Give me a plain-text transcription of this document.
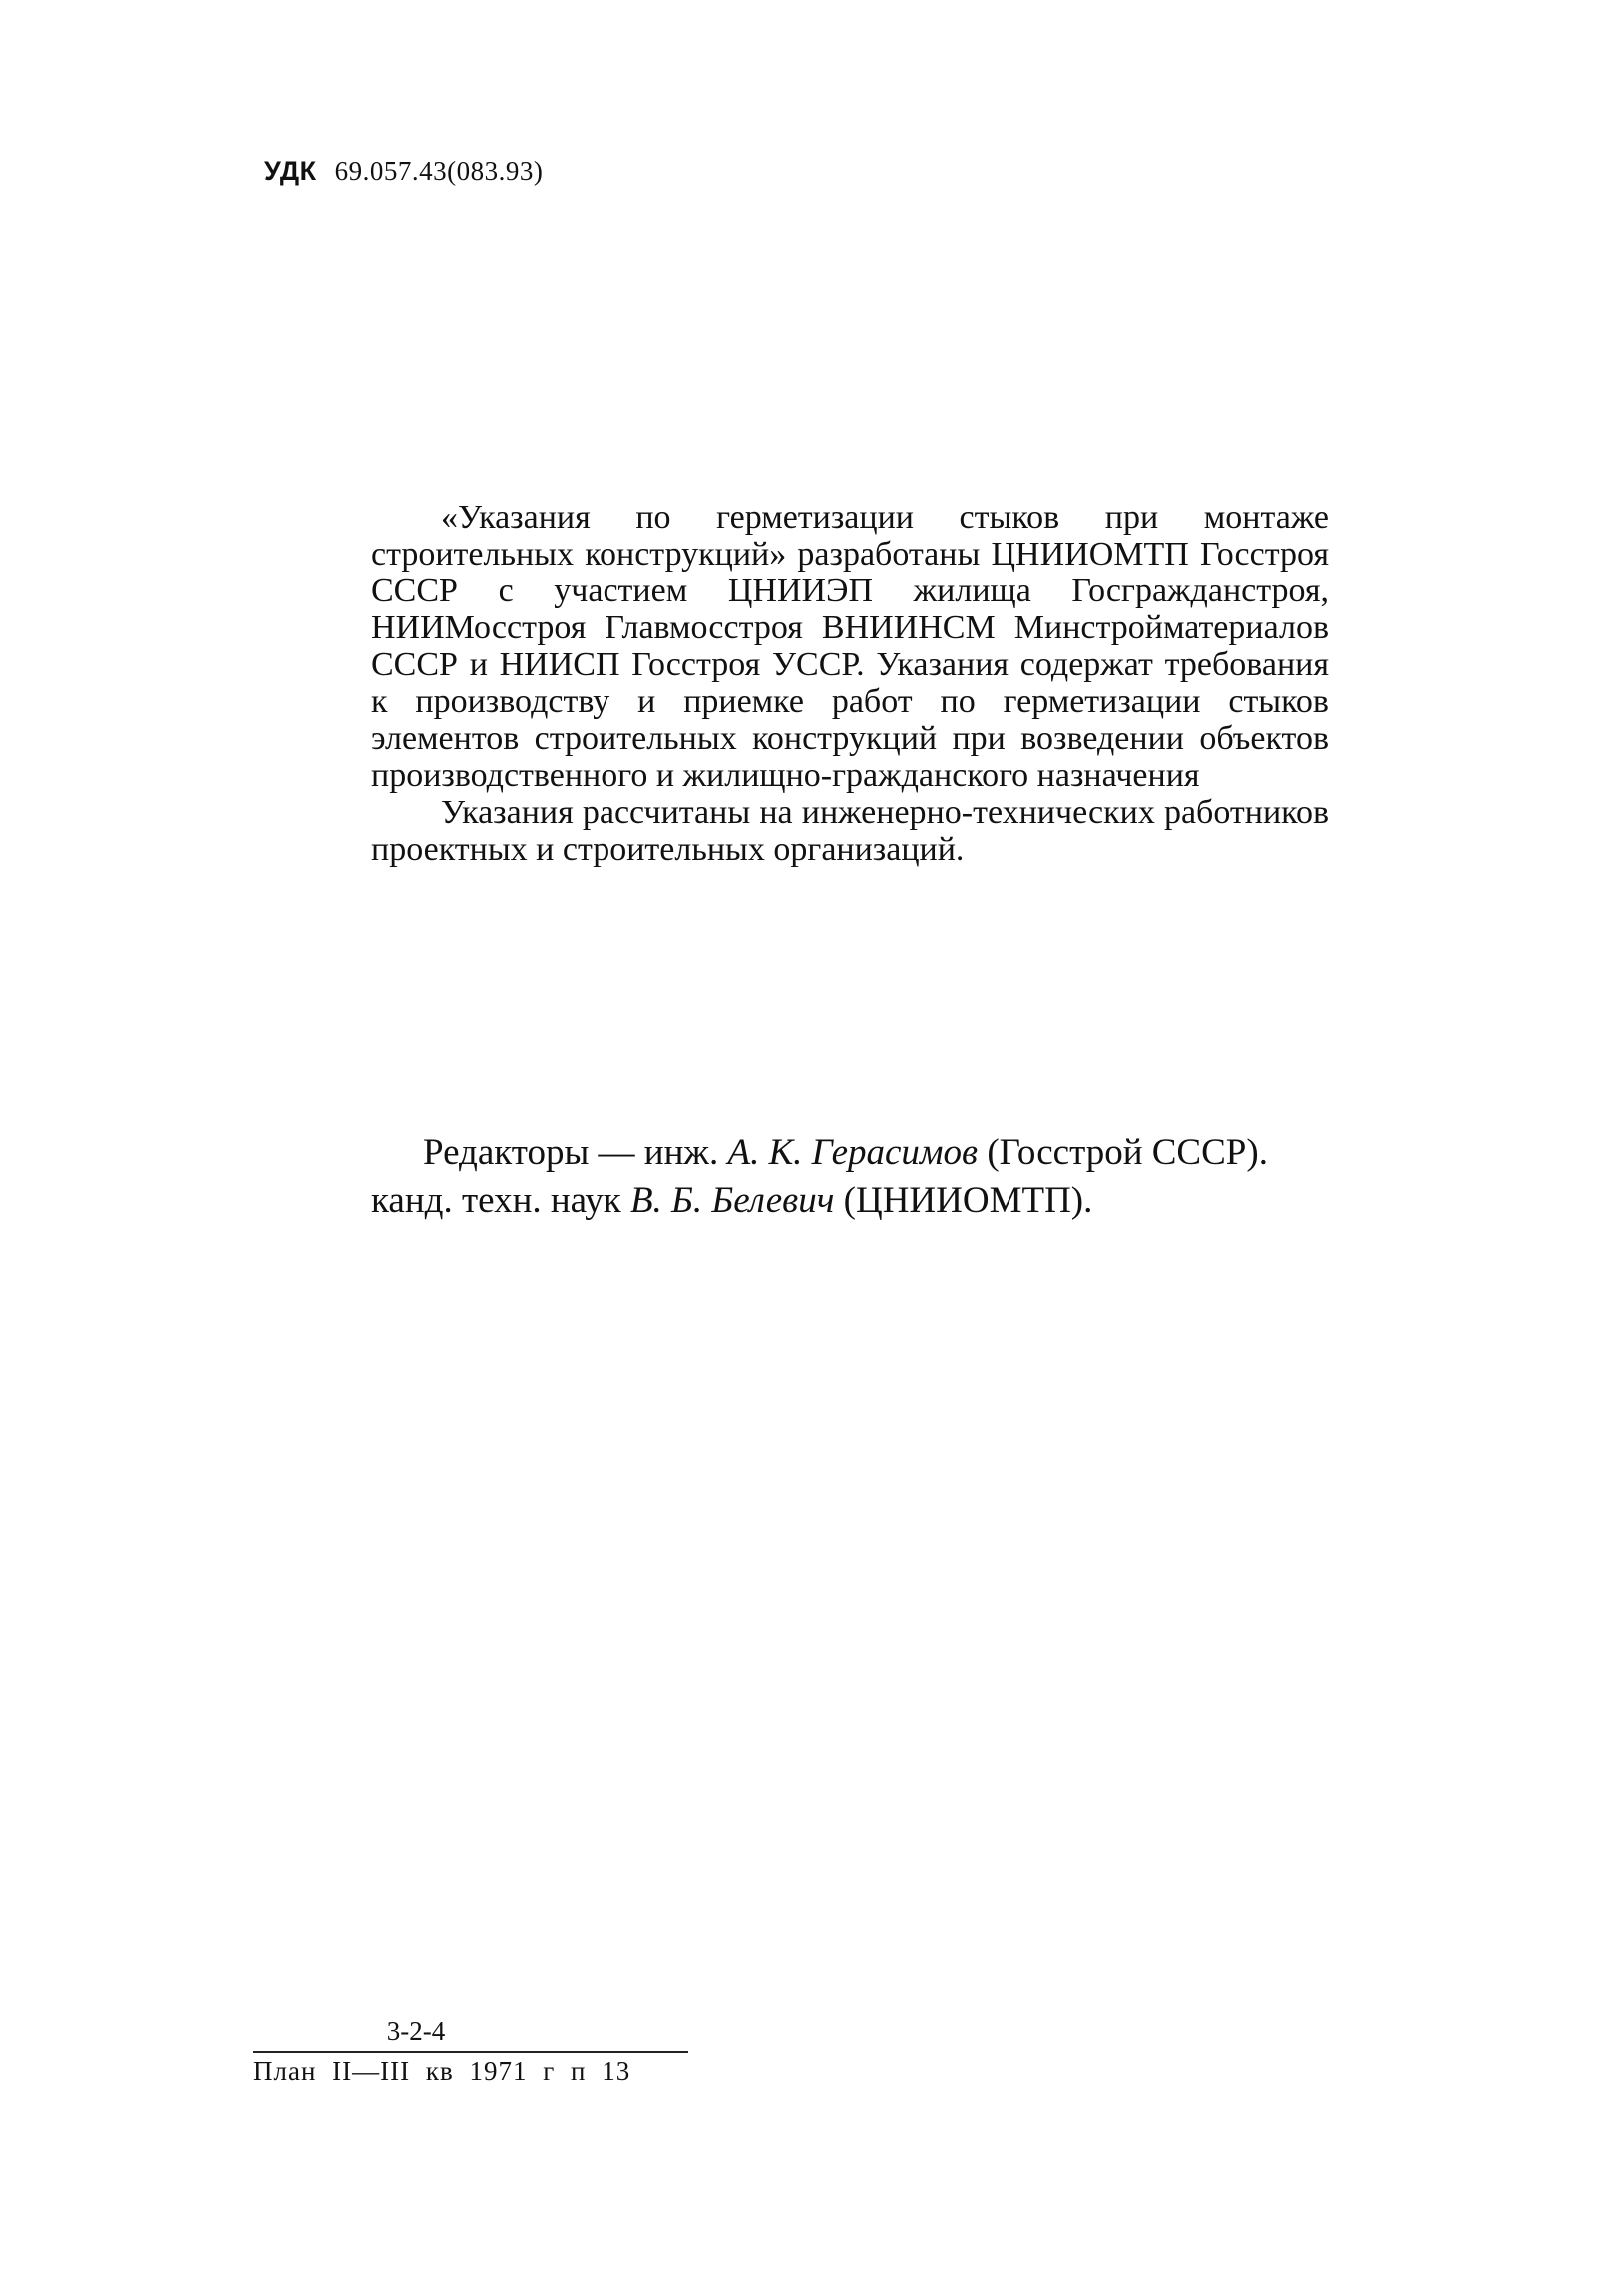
УДК 69.057.43(083.93)

«Указания по герметизации стыков при монтаже строительных конструкций» разработаны ЦНИИОМТП Госстроя СССР с участием ЦНИИЭП жилища Госгражданстроя, НИИМосстроя Главмосстроя ВНИИНСМ Минстройматериалов СССР и НИИСП Госстроя УССР. Указания содержат требования к производству и приемке работ по герметизации стыков элементов строительных конструкций при возведении объектов производственного и жилищно-гражданского назначения

Указания рассчитаны на инженерно-технических работников проектных и строительных организаций.

Редакторы — инж. А. К. Герасимов (Госстрой СССР).
канд. техн. наук В. Б. Белевич (ЦНИИОМТП).
3-2-4
План II—III кв 1971 г п 13
